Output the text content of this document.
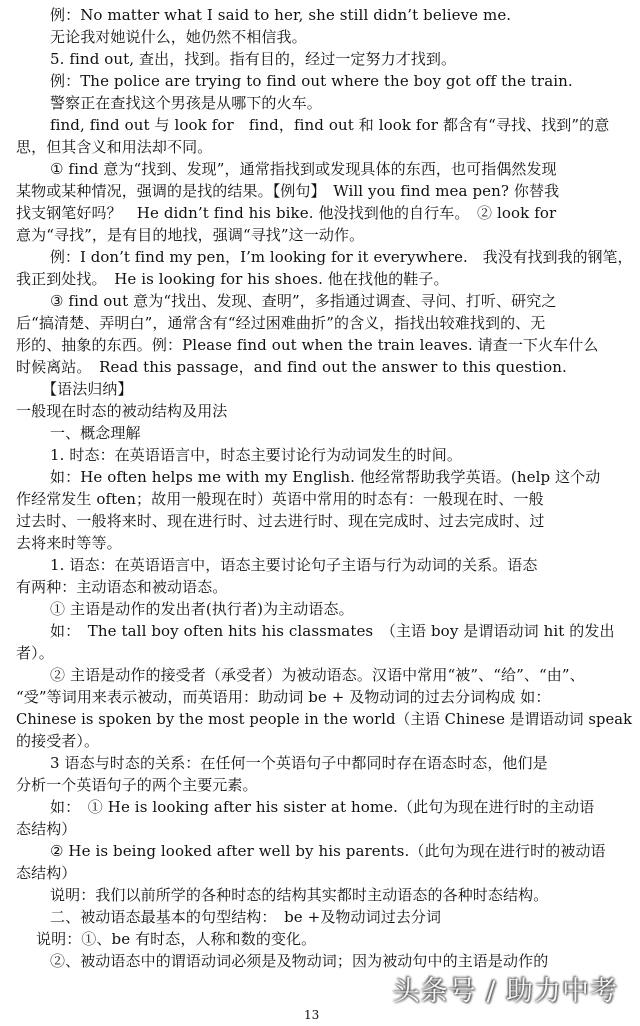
例：No matter what I said to her, she still didn’t believe me.
无论我对她说什么，她仍然不相信我。
5. find out, 查出，找到。指有目的，经过一定努力才找到。
例：The police are trying to find out where the boy got off the train.
警察正在查找这个男孩是从哪下的火车。
find, find out 与 look for　find，find out 和 look for 都含有“寻找、找到”的意
思，但其含义和用法却不同。
① find 意为“找到、发现”，通常指找到或发现具体的东西，也可指偶然发现
某物或某种情况，强调的是找的结果。【例句】　Will you find mea pen? 你替我
找支钢笔好吗？　He didn’t find his bike. 他没找到他的自行车。　② look for
意为“寻找”，是有目的地找，强调“寻找”这一动作。
例：I don’t find my pen，I’m looking for it everywhere.　我没有找到我的钢笔，
我正到处找。　He is looking for his shoes. 他在找他的鞋子。
③ find out 意为“找出、发现、查明”，多指通过调查、寻问、打听、研究之
后“搞清楚、弄明白”，通常含有“经过困难曲折”的含义，指找出较难找到的、无
形的、抽象的东西。例：Please find out when the train leaves. 请查一下火车什么
时候离站。　Read this passage，and find out the answer to this question.
【语法归纳】
一般现在时态的被动结构及用法
一、概念理解
1. 时态：在英语语言中，时态主要讨论行为动词发生的时间。
如：He often helps me with my English. 他经常帮助我学英语。(help 这个动
作经常发生 often；故用一般现在时）英语中常用的时态有：一般现在时、一般
过去时、一般将来时、现在进行时、过去进行时、现在完成时、过去完成时、过
去将来时等等。
1. 语态：在英语语言中，语态主要讨论句子主语与行为动词的关系。语态
有两种：主动语态和被动语态。
① 主语是动作的发出者(执行者)为主动语态。
如：　The tall boy often hits his classmates　（主语 boy 是谓语动词 hit 的发出
者）。
② 主语是动作的接受者（承受者）为被动语态。汉语中常用“被”、“给”、“由”、
“受”等词用来表示被动，而英语用：助动词 be + 及物动词的过去分词构成 如：
Chinese is spoken by the most people in the world（主语 Chinese 是谓语动词 speak
的接受者）。
3 语态与时态的关系：在任何一个英语句子中都同时存在语态时态，他们是
分析一个英语句子的两个主要元素。
如：　① He is looking after his sister at home.（此句为现在进行时的主动语
态结构）
② He is being looked after well by his parents.（此句为现在进行时的被动语
态结构）
说明：我们以前所学的各种时态的结构其实都时主动语态的各种时态结构。
二、被动语态最基本的句型结构：　be +及物动词过去分词
说明：①、be 有时态，人称和数的变化。
②、被动语态中的谓语动词必须是及物动词；因为被动句中的主语是动作的
头条号 / 助力中考
13
